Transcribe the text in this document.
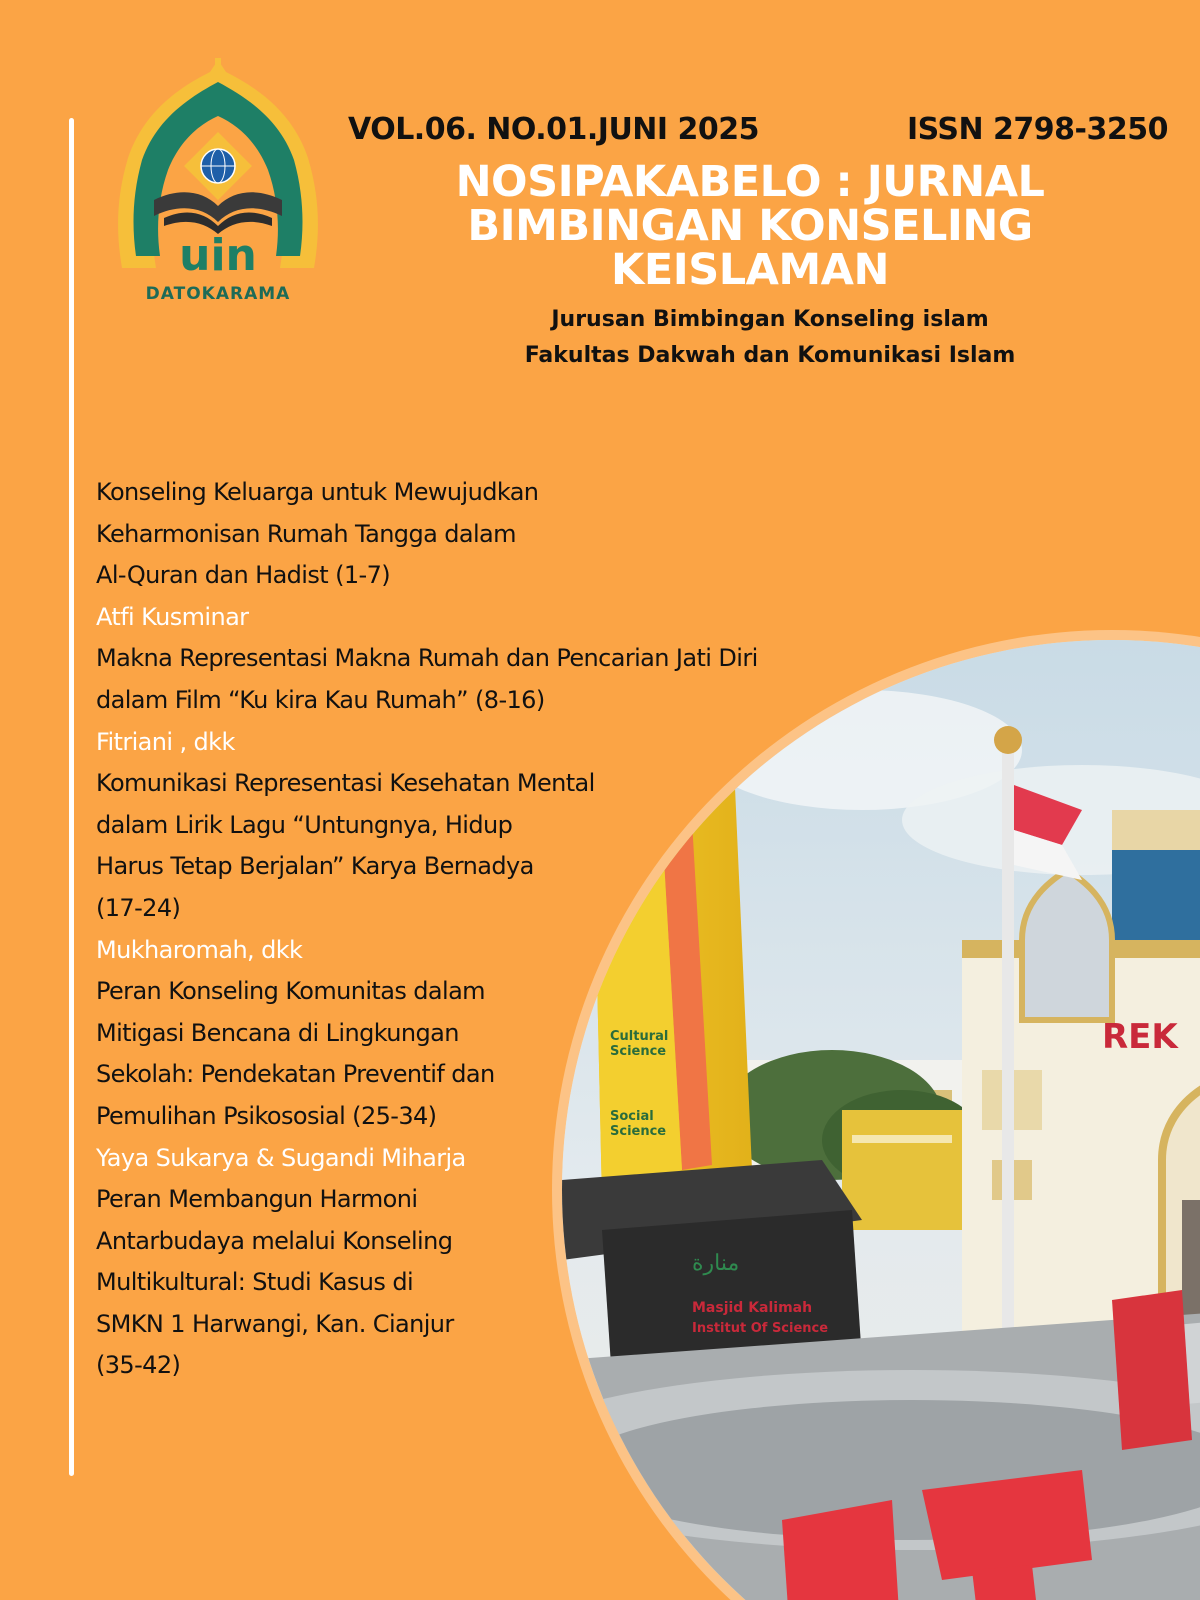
uin
DATOKARAMA
VOL.06. NO.01.JUNI 2025	ISSN 2798-3250
NOSIPAKABELO : JURNAL
BIMBINGAN KONSELING
KEISLAMAN
Jurusan Bimbingan Konseling islam
Fakultas Dakwah dan Komunikasi Islam
REK
Cultural
Science
Social
Science
منارة
Masjid Kalimah
Institut Of Science
Konseling Keluarga untuk Mewujudkan
Keharmonisan Rumah Tangga dalam
Al-Quran dan Hadist (1-7)
Atfi Kusminar
Makna Representasi Makna Rumah dan Pencarian Jati Diri
dalam Film “Ku kira Kau Rumah” (8-16)
Fitriani , dkk
Komunikasi Representasi Kesehatan Mental
dalam Lirik Lagu “Untungnya, Hidup
Harus Tetap Berjalan” Karya Bernadya
(17-24)
Mukharomah, dkk
Peran Konseling Komunitas dalam
Mitigasi Bencana di Lingkungan
Sekolah: Pendekatan Preventif dan
Pemulihan Psikososial (25-34)
Yaya Sukarya & Sugandi Miharja
Peran Membangun Harmoni
Antarbudaya melalui Konseling
Multikultural: Studi Kasus di
SMKN 1 Harwangi, Kan. Cianjur
(35-42)
